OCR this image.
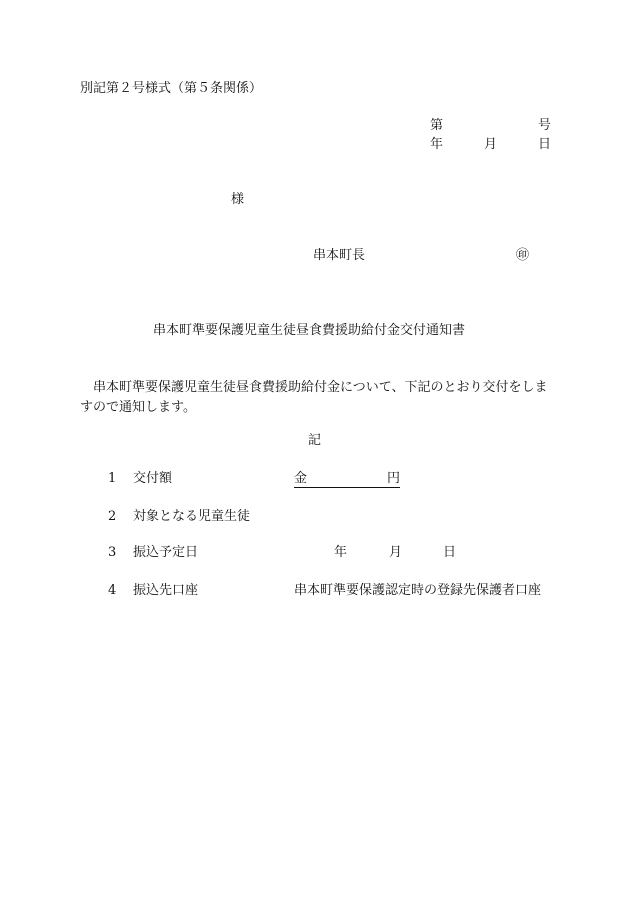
別記第２号様式（第５条関係）
第	号
年	月	日
様
串本町長	㊞
串本町準要保護児童生徒昼食費援助給付金交付通知書
串本町準要保護児童生徒昼食費援助給付金について、下記のとおり交付をしますので通知します。
記
1 交付額	金	円
2 対象となる児童生徒
3 振込予定日	年	月	日
4 振込先口座	串本町準要保護認定時の登録先保護者口座
